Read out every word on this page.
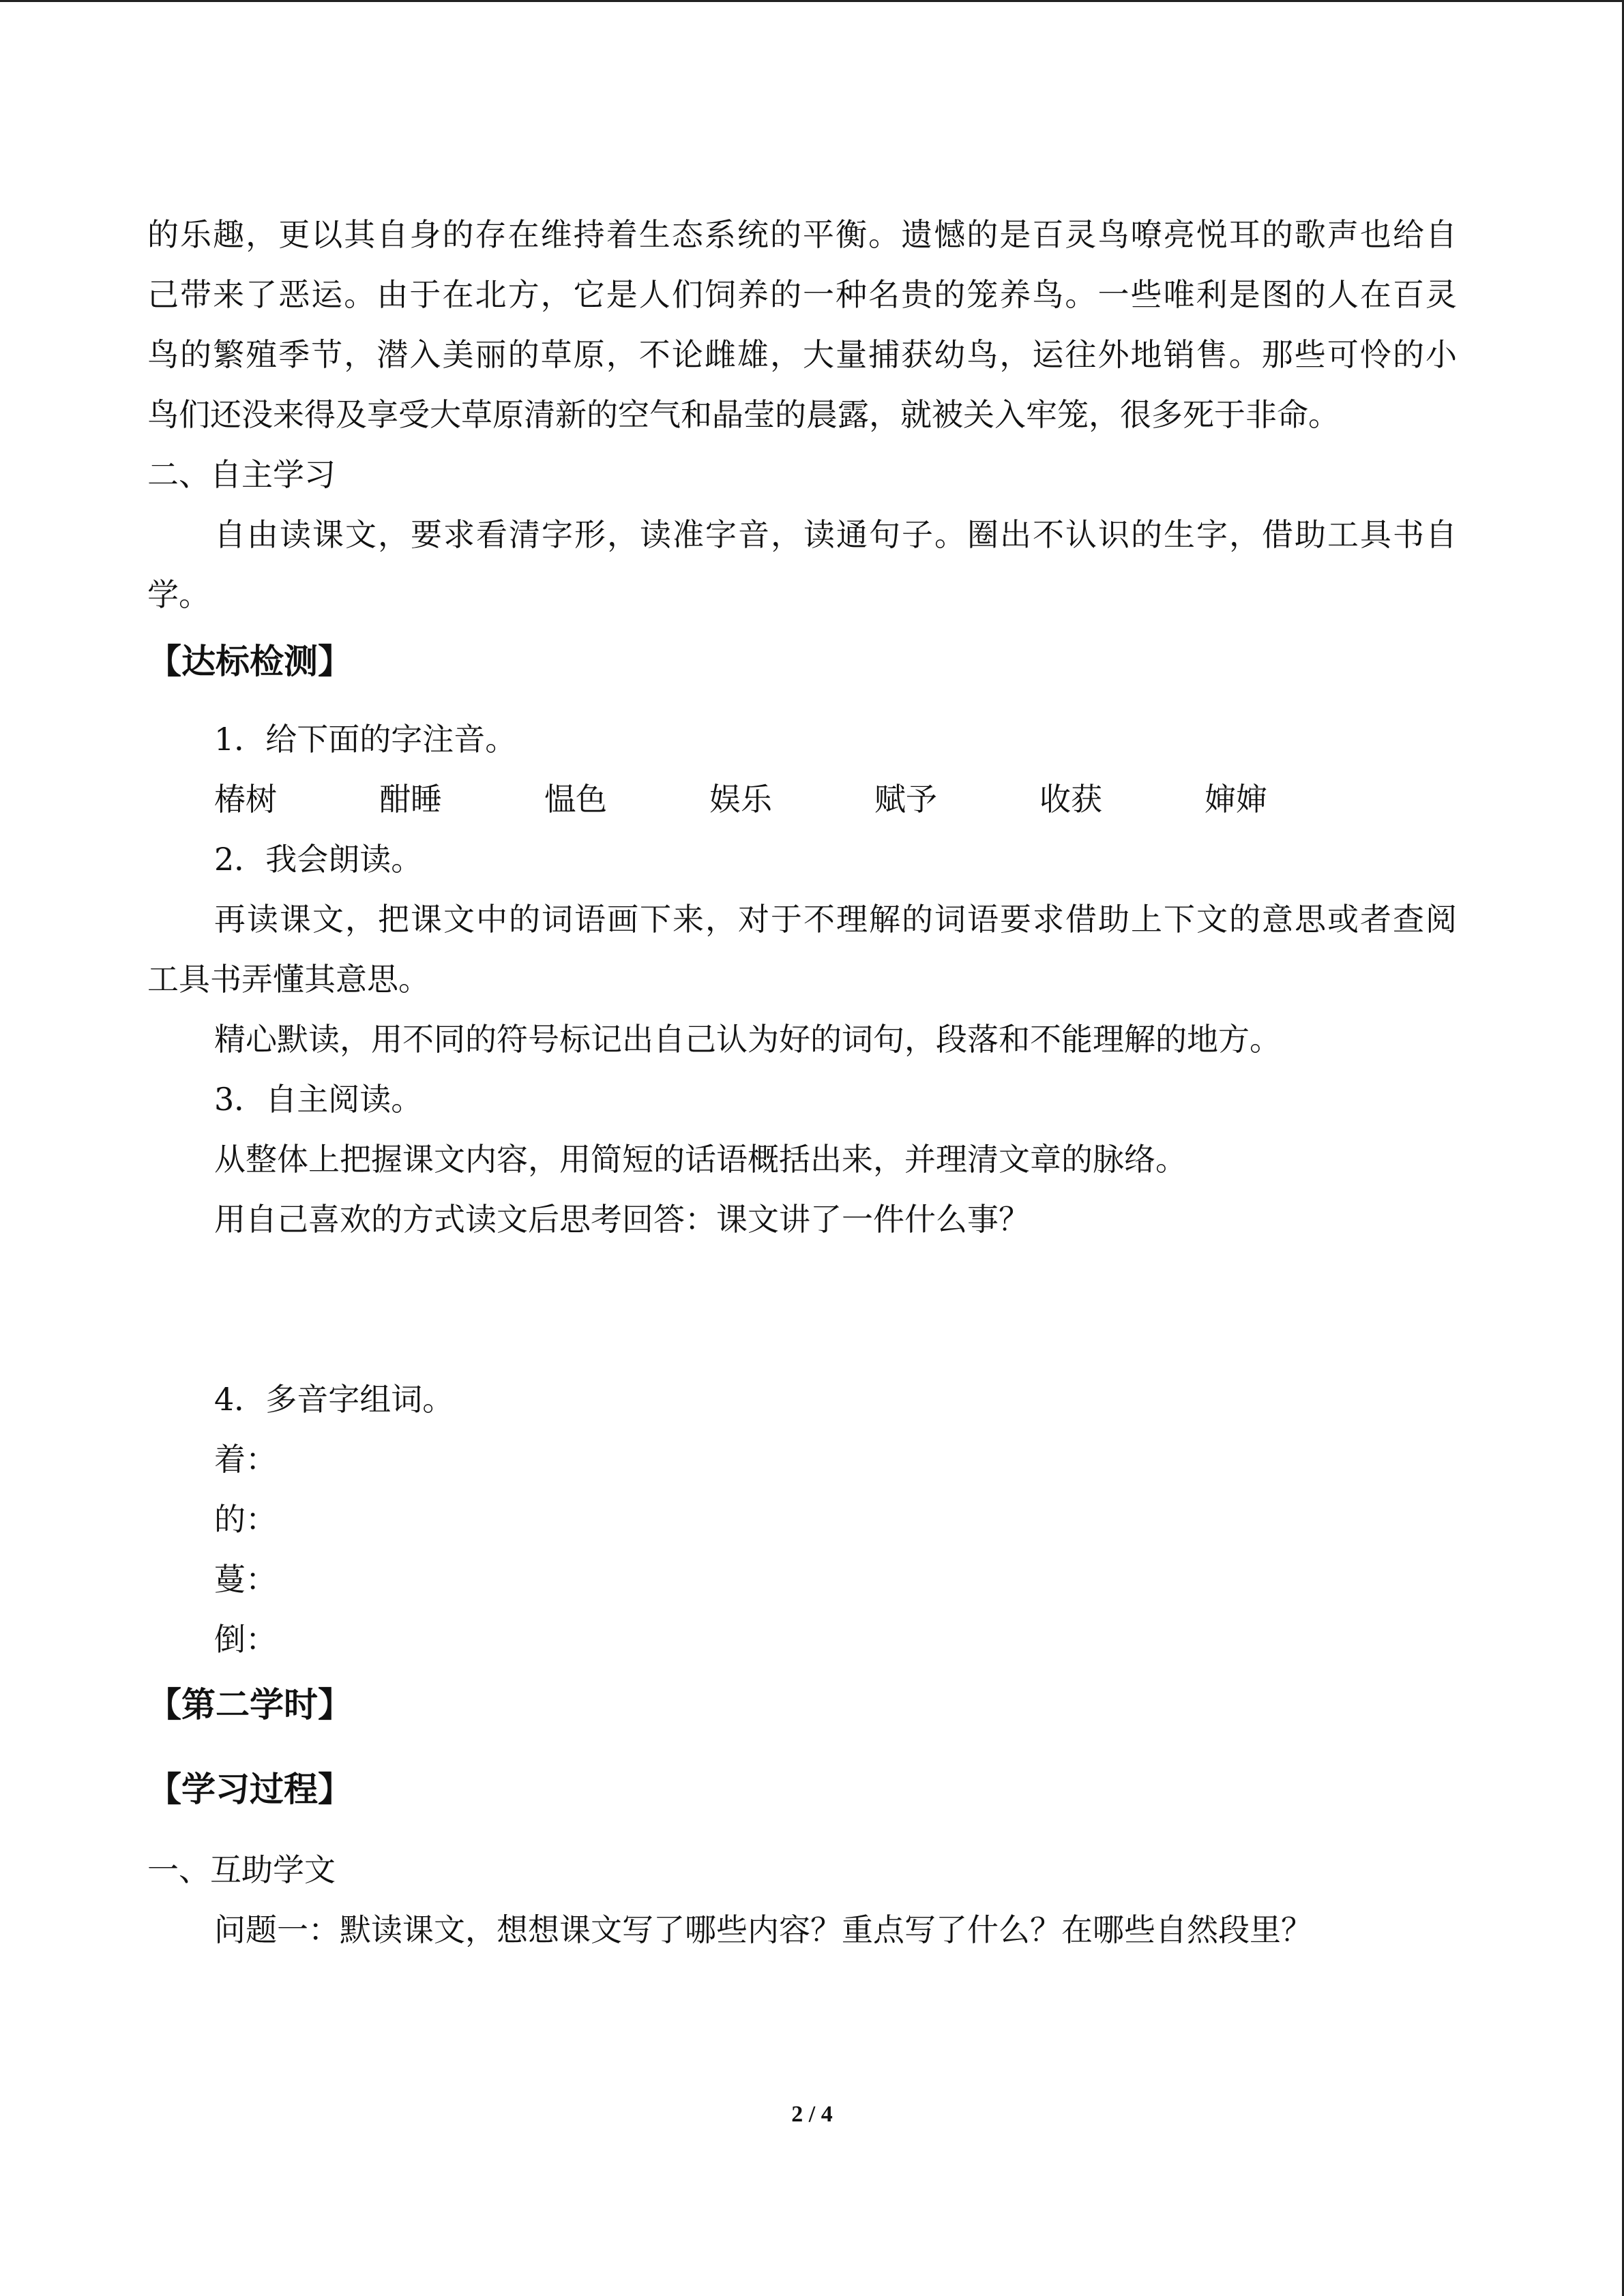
的乐趣，更以其自身的存在维持着生态系统的平衡。遗憾的是百灵鸟嘹亮悦耳的歌声也给自

己带来了恶运。由于在北方，它是人们饲养的一种名贵的笼养鸟。一些唯利是图的人在百灵

鸟的繁殖季节，潜入美丽的草原，不论雌雄，大量捕获幼鸟，运往外地销售。那些可怜的小

鸟们还没来得及享受大草原清新的空气和晶莹的晨露，就被关入牢笼，很多死于非命。

二、自主学习

自由读课文，要求看清字形，读准字音，读通句子。圈出不认识的生字，借助工具书自

学。

【达标检测】

1．给下面的字注音。

椿树	酣睡	愠色	娱乐	赋予	收获	婶婶

2．我会朗读。

再读课文，把课文中的词语画下来，对于不理解的词语要求借助上下文的意思或者查阅

工具书弄懂其意思。

精心默读，用不同的符号标记出自己认为好的词句，段落和不能理解的地方。

3．自主阅读。

从整体上把握课文内容，用简短的话语概括出来，并理清文章的脉络。

用自己喜欢的方式读文后思考回答：课文讲了一件什么事？

4．多音字组词。

着：

的：

蔓：

倒：

【第二学时】

【学习过程】

一、互助学文

问题一：默读课文，想想课文写了哪些内容？重点写了什么？在哪些自然段里？

2 / 4
